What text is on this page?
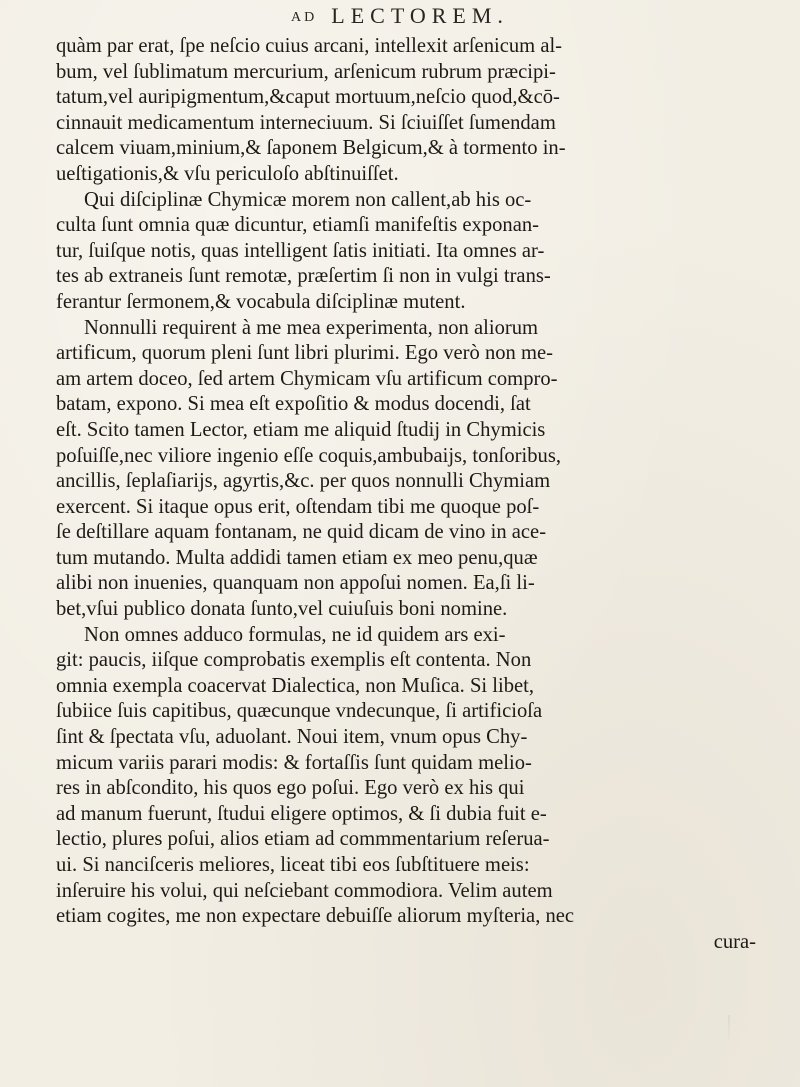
AD LECTOREM.
quàm par erat, ſpe neſcio cuius arcani, intellexit arſenicum al-
bum, vel ſublimatum mercurium, arſenicum rubrum præcipi-
tatum,vel auripigmentum,&caput mortuum,neſcio quod,&cō-
cinnauit medicamentum interneciuum. Si ſciuiſſet ſumendam
calcem viuam,minium,& ſaponem Belgicum,& à tormento in-
ueſtigationis,& vſu periculoſo abſtinuiſſet.
Qui diſciplinæ Chymicæ morem non callent,ab his oc-
culta ſunt omnia quæ dicuntur, etiamſi manifeſtis exponan-
tur, ſuiſque notis, quas intelligent ſatis initiati. Ita omnes ar-
tes ab extraneis ſunt remotæ, præſertim ſi non in vulgi trans-
ferantur ſermonem,& vocabula diſciplinæ mutent.
Nonnulli requirent à me mea experimenta, non aliorum
artificum, quorum pleni ſunt libri plurimi. Ego verò non me-
am artem doceo, ſed artem Chymicam vſu artificum compro-
batam, expono. Si mea eſt expoſitio & modus docendi, ſat
eſt. Scito tamen Lector, etiam me aliquid ſtudij in Chymicis
poſuiſſe,nec viliore ingenio eſſe coquis,ambubaijs, tonſoribus,
ancillis, ſeplaſiarijs, agyrtis,&c. per quos nonnulli Chymiam
exercent. Si itaque opus erit, oſtendam tibi me quoque poſ-
ſe deſtillare aquam fontanam, ne quid dicam de vino in ace-
tum mutando. Multa addidi tamen etiam ex meo penu,quæ
alibi non inuenies, quanquam non appoſui nomen. Ea,ſi li-
bet,vſui publico donata ſunto,vel cuiuſuis boni nomine.
Non omnes adduco formulas, ne id quidem ars exi-
git: paucis, iiſque comprobatis exemplis eſt contenta. Non
omnia exempla coacervat Dialectica, non Muſica. Si libet,
ſubiice ſuis capitibus, quæcunque vndecunque, ſi artificioſa
ſint & ſpectata vſu, aduolant. Noui item, vnum opus Chy-
micum variis parari modis: & fortaſſis ſunt quidam melio-
res in abſcondito, his quos ego poſui. Ego verò ex his qui
ad manum fuerunt, ſtudui eligere optimos, & ſi dubia fuit e-
lectio, plures poſui, alios etiam ad commmentarium reſerua-
ui. Si nanciſceris meliores, liceat tibi eos ſubſtituere meis:
inſeruire his volui, qui neſciebant commodiora. Velim autem
etiam cogites, me non expectare debuiſſe aliorum myſteria, nec
cura-
